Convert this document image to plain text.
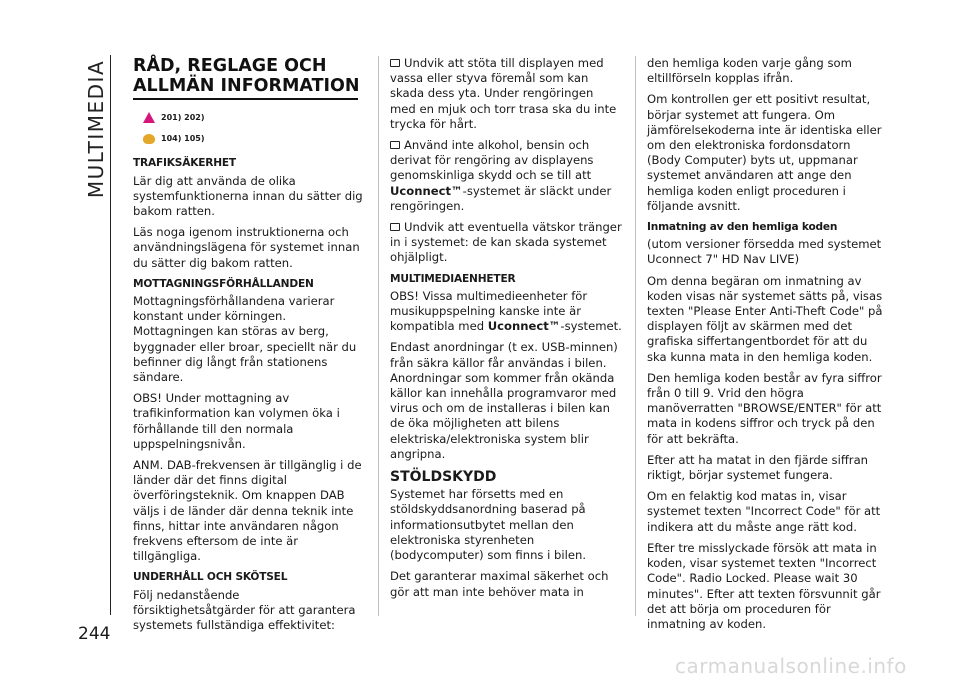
MULTIMEDIA
244
RÅD, REGLAGE OCH
ALLMÄN INFORMATION
201) 202)
104) 105)
TRAFIKSÄKERHET

Lär dig att använda de olika systemfunktionerna innan du sätter dig bakom ratten.

Läs noga igenom instruktionerna och användningslägena för systemet innan du sätter dig bakom ratten.

MOTTAGNINGSFÖRHÅLLANDEN

Mottagningsförhållandena varierar konstant under körningen. Mottagningen kan störas av berg, byggnader eller broar, speciellt när du befinner dig långt från stationens sändare.

OBS! Under mottagning av trafikinformation kan volymen öka i förhållande till den normala uppspelningsnivån.

ANM. DAB-frekvensen är tillgänglig i de länder där det finns digital överföringsteknik. Om knappen DAB väljs i de länder där denna teknik inte finns, hittar inte användaren någon frekvens eftersom de inte är tillgängliga.

UNDERHÅLL OCH SKÖTSEL

Följ nedanstående försiktighetsåtgärder för att garantera systemets fullständiga effektivitet:

Undvik att stöta till displayen med vassa eller styva föremål som kan skada dess yta. Under rengöringen med en mjuk och torr trasa ska du inte trycka för hårt.

Använd inte alkohol, bensin och derivat för rengöring av displayens genomskinliga skydd och se till att Uconnect™-systemet är släckt under rengöringen.

Undvik att eventuella vätskor tränger in i systemet: de kan skada systemet ohjälpligt.

MULTIMEDIAENHETER

OBS! Vissa multimedieenheter för musikuppspelning kanske inte är kompatibla med Uconnect™-systemet.

Endast anordningar (t ex. USB-minnen) från säkra källor får användas i bilen. Anordningar som kommer från okända källor kan innehålla programvaror med virus och om de installeras i bilen kan de öka möjligheten att bilens elektriska/elektroniska system blir angripna.

STÖLDSKYDD

Systemet har försetts med en stöldskyddsanordning baserad på informationsutbytet mellan den elektroniska styrenheten (bodycomputer) som finns i bilen.

Det garanterar maximal säkerhet och gör att man inte behöver mata in

den hemliga koden varje gång som eltillförseln kopplas ifrån.

Om kontrollen ger ett positivt resultat, börjar systemet att fungera. Om jämförelsekoderna inte är identiska eller om den elektroniska fordonsdatorn (Body Computer) byts ut, uppmanar systemet användaren att ange den hemliga koden enligt proceduren i följande avsnitt.

Inmatning av den hemliga koden

(utom versioner försedda med systemet Uconnect 7" HD Nav LIVE)

Om denna begäran om inmatning av koden visas när systemet sätts på, visas texten "Please Enter Anti-Theft Code" på displayen följt av skärmen med det grafiska siffertangentbordet för att du ska kunna mata in den hemliga koden.

Den hemliga koden består av fyra siffror från 0 till 9. Vrid den högra manöverratten "BROWSE/ENTER" för att mata in kodens siffror och tryck på den för att bekräfta.

Efter att ha matat in den fjärde siffran riktigt, börjar systemet fungera.

Om en felaktig kod matas in, visar systemet texten "Incorrect Code" för att indikera att du måste ange rätt kod.

Efter tre misslyckade försök att mata in koden, visar systemet texten "Incorrect Code". Radio Locked. Please wait 30 minutes". Efter att texten försvunnit går det att börja om proceduren för inmatning av koden.

carmanualsonline.info
